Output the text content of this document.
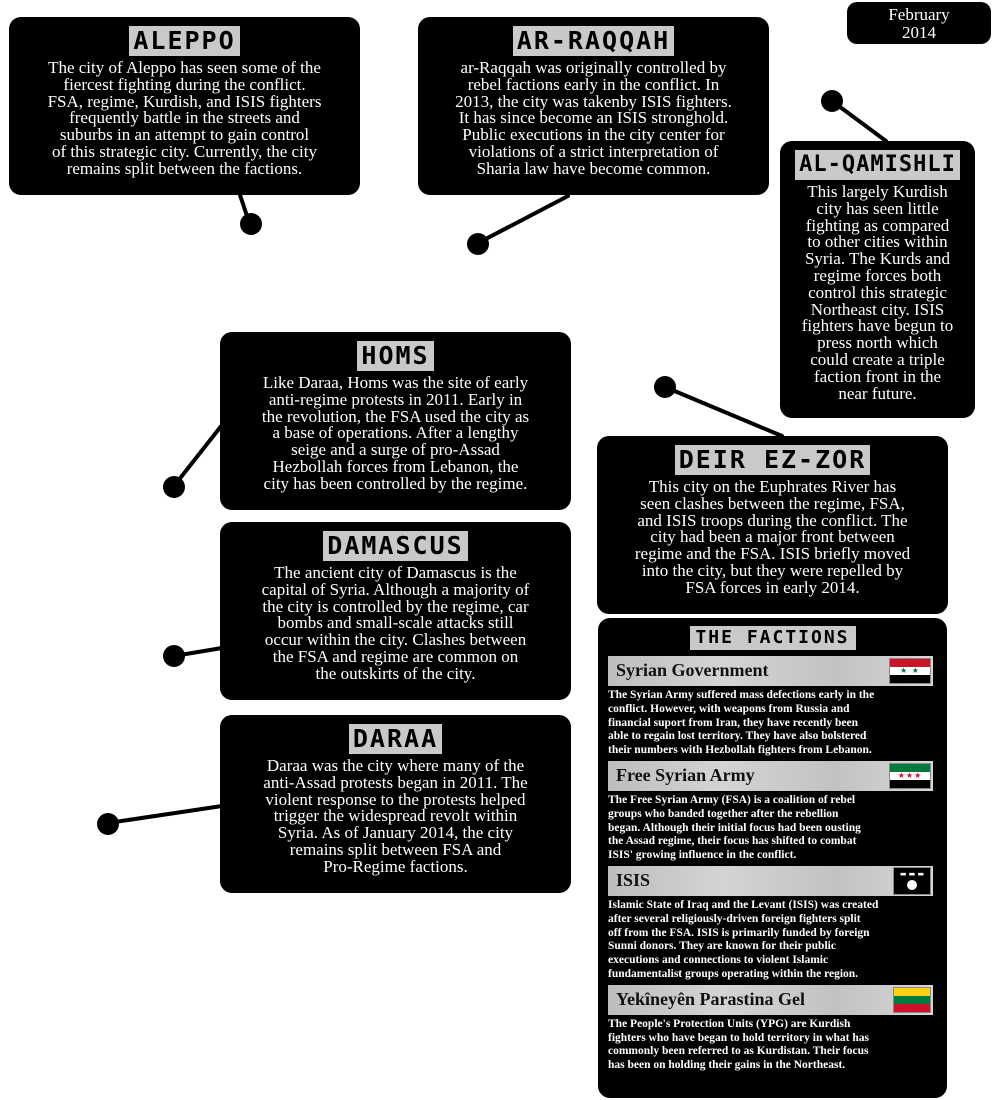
February
2014
ALEPPO
The city of Aleppo has seen some of the
fiercest fighting during the conflict.
FSA, regime, Kurdish, and ISIS fighters
frequently battle in the streets and
suburbs in an attempt to gain control
of this strategic city. Currently, the city
remains split between the factions.
AR-RAQQAH
ar-Raqqah was originally controlled by
rebel factions early in the conflict. In
2013, the city was takenby ISIS fighters.
It has since become an ISIS stronghold.
Public executions in the city center for
violations of a strict interpretation of
Sharia law have become common.	AL-QAMISHLI
This largely Kurdish
city has seen little
fighting as compared
to other cities within
Syria. The Kurds and
regime forces both
control this strategic
Northeast city. ISIS
fighters have begun to
press north which
could create a triple
faction front in the
near future.
HOMS
Like Daraa, Homs was the site of early
anti-regime protests in 2011. Early in
the revolution, the FSA used the city as
a base of operations. After a lengthy
seige and a surge of pro-Assad
Hezbollah forces from Lebanon, the
city has been controlled by the regime.
DEIR EZ-ZOR
This city on the Euphrates River has
seen clashes between the regime, FSA,
and ISIS troops during the conflict. The
city had been a major front between
regime and the FSA. ISIS briefly moved
into the city, but they were repelled by
FSA forces in early 2014.
DAMASCUS
The ancient city of Damascus is the
capital of Syria. Although a majority of
the city is controlled by the regime, car
bombs and small-scale attacks still
occur within the city. Clashes between
the FSA and regime are common on
the outskirts of the city.
DARAA
Daraa was the city where many of the
anti-Assad protests began in 2011. The
violent response to the protests helped
trigger the widespread revolt within
Syria. As of January 2014, the city
remains split between FSA and
Pro-Regime factions.
THE FACTIONS
Syrian Government	★ ★
The Syrian Army suffered mass defections early in the
conflict. However, with weapons from Russia and
financial suport from Iran, they have recently been
able to regain lost territory. They have also bolstered
their numbers with Hezbollah fighters from Lebanon.
Free Syrian Army	★★★
The Free Syrian Army (FSA) is a coalition of rebel
groups who banded together after the rebellion
began. Although their initial focus had been ousting
the Assad regime, their focus has shifted to combat
ISIS' growing influence in the conflict.
ISIS	▬ ▬ ▬
Islamic State of Iraq and the Levant (ISIS) was created
after several religiously-driven foreign fighters split
off from the FSA. ISIS is primarily funded by foreign
Sunni donors. They are known for their public
executions and connections to violent Islamic
fundamentalist groups operating within the region.
Yekîneyên Parastina Gel
The People's Protection Units (YPG) are Kurdish
fighters who have began to hold territory in what has
commonly been referred to as Kurdistan. Their focus
has been on holding their gains in the Northeast.
